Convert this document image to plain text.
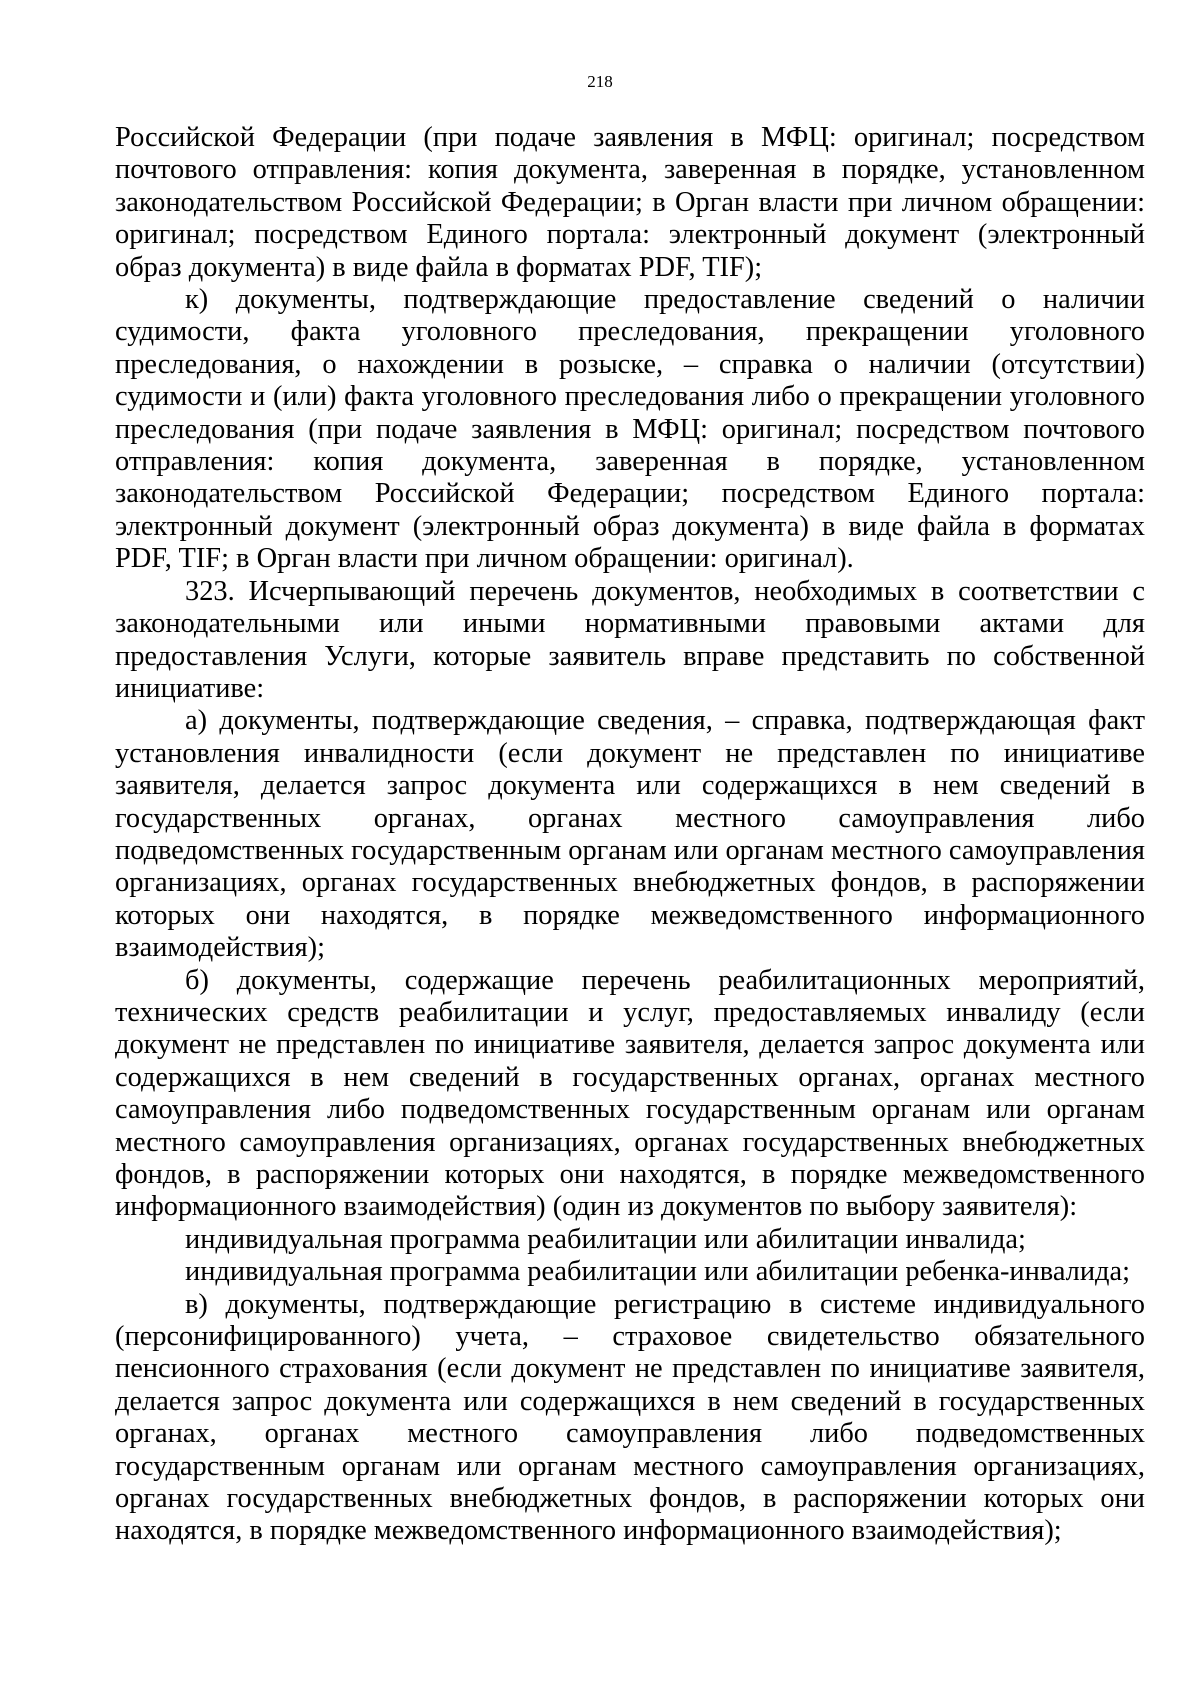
218

Российской Федерации (при подаче заявления в МФЦ: оригинал; посредством почтового отправления: копия документа, заверенная в порядке, установленном законодательством Российской Федерации; в Орган власти при личном обращении: оригинал; посредством Единого портала: электронный документ (электронный образ документа) в виде файла в форматах PDF, TIF);

к) документы, подтверждающие предоставление сведений о наличии судимости, факта уголовного преследования, прекращении уголовного преследования, о нахождении в розыске, – справка о наличии (отсутствии) судимости и (или) факта уголовного преследования либо о прекращении уголовного преследования (при подаче заявления в МФЦ: оригинал; посредством почтового отправления: копия документа, заверенная в порядке, установленном законодательством Российской Федерации; посредством Единого портала: электронный документ (электронный образ документа) в виде файла в форматах PDF, TIF; в Орган власти при личном обращении: оригинал).

323. Исчерпывающий перечень документов, необходимых в соответствии с законодательными или иными нормативными правовыми актами для предоставления Услуги, которые заявитель вправе представить по собственной инициативе:

а) документы, подтверждающие сведения, – справка, подтверждающая факт установления инвалидности (если документ не представлен по инициативе заявителя, делается запрос документа или содержащихся в нем сведений в государственных органах, органах местного самоуправления либо подведомственных государственным органам или органам местного самоуправления организациях, органах государственных внебюджетных фондов, в распоряжении которых они находятся, в порядке межведомственного информационного взаимодействия);

б) документы, содержащие перечень реабилитационных мероприятий, технических средств реабилитации и услуг, предоставляемых инвалиду (если документ не представлен по инициативе заявителя, делается запрос документа или содержащихся в нем сведений в государственных органах, органах местного самоуправления либо подведомственных государственным органам или органам местного самоуправления организациях, органах государственных внебюджетных фондов, в распоряжении которых они находятся, в порядке межведомственного информационного взаимодействия) (один из документов по выбору заявителя):

индивидуальная программа реабилитации или абилитации инвалида;

индивидуальная программа реабилитации или абилитации ребенка-инвалида;

в) документы, подтверждающие регистрацию в системе индивидуального (персонифицированного) учета, – страховое свидетельство обязательного пенсионного страхования (если документ не представлен по инициативе заявителя, делается запрос документа или содержащихся в нем сведений в государственных органах, органах местного самоуправления либо подведомственных государственным органам или органам местного самоуправления организациях, органах государственных внебюджетных фондов, в распоряжении которых они находятся, в порядке межведомственного информационного взаимодействия);
